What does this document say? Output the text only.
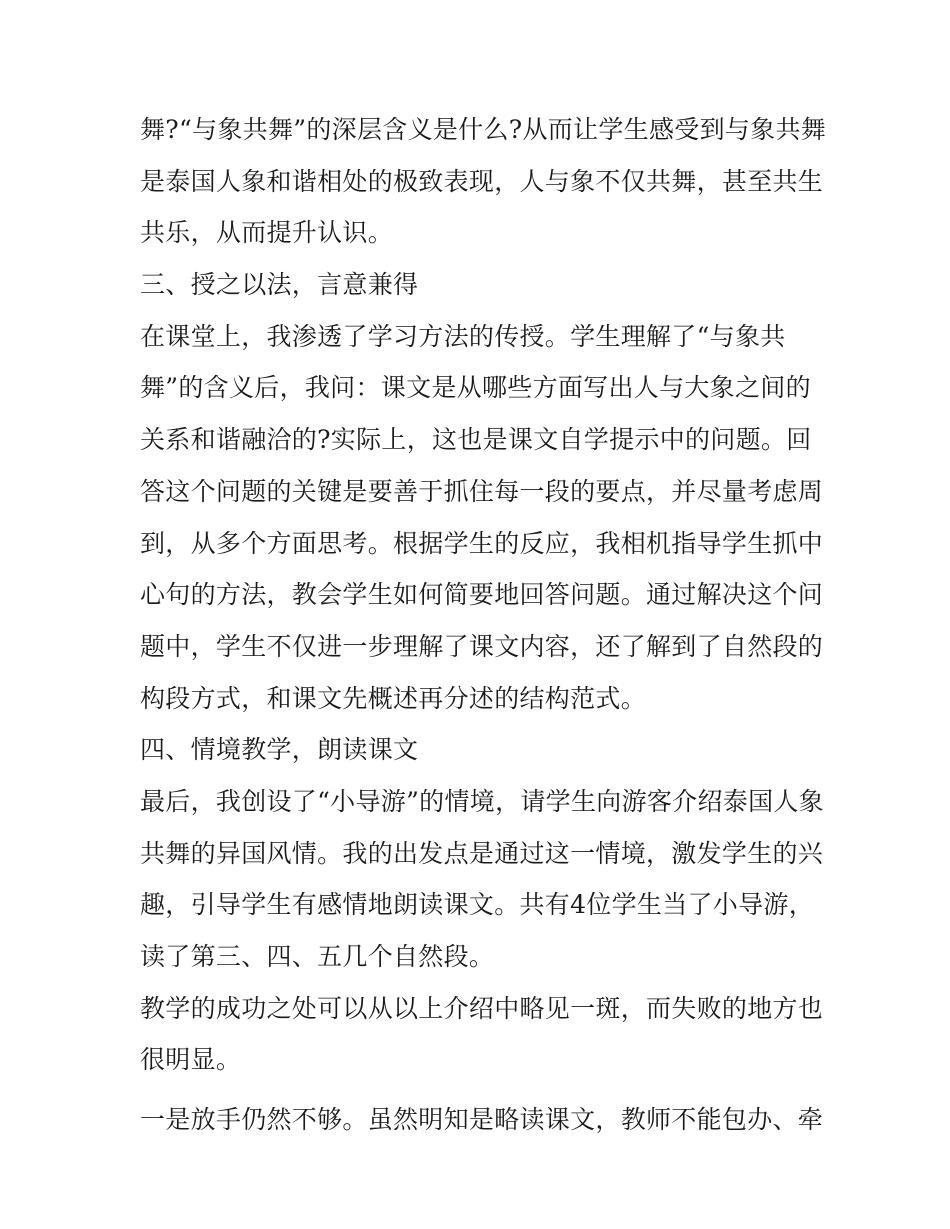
舞?“与象共舞”的深层含义是什么?从而让学生感受到与象共舞
是泰国人象和谐相处的极致表现，人与象不仅共舞，甚至共生
共乐，从而提升认识。
三、授之以法，言意兼得
在课堂上，我渗透了学习方法的传授。学生理解了“与象共
舞”的含义后，我问：课文是从哪些方面写出人与大象之间的
关系和谐融洽的?实际上，这也是课文自学提示中的问题。回
答这个问题的关键是要善于抓住每一段的要点，并尽量考虑周
到，从多个方面思考。根据学生的反应，我相机指导学生抓中
心句的方法，教会学生如何简要地回答问题。通过解决这个问
题中，学生不仅进一步理解了课文内容，还了解到了自然段的
构段方式，和课文先概述再分述的结构范式。
四、情境教学，朗读课文
最后，我创设了“小导游”的情境，请学生向游客介绍泰国人象
共舞的异国风情。我的出发点是通过这一情境，激发学生的兴
趣，引导学生有感情地朗读课文。共有4位学生当了小导游，
读了第三、四、五几个自然段。
教学的成功之处可以从以上介绍中略见一斑，而失败的地方也
很明显。
一是放手仍然不够。虽然明知是略读课文，教师不能包办、牵
